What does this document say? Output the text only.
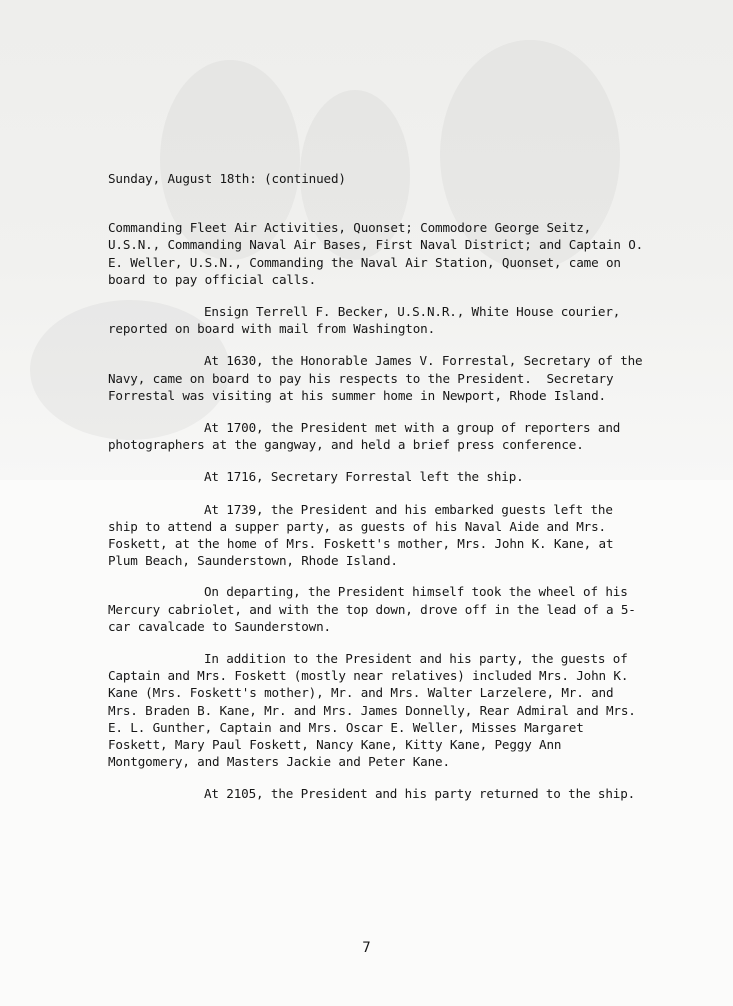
Sunday, August 18th: (continued)

Commanding Fleet Air Activities, Quonset; Commodore George Seitz, U.S.N., Commanding Naval Air Bases, First Naval District; and Captain O. E. Weller, U.S.N., Commanding the Naval Air Station, Quonset, came on board to pay official calls.

Ensign Terrell F. Becker, U.S.N.R., White House courier, reported on board with mail from Washington.

At 1630, the Honorable James V. Forrestal, Secretary of the Navy, came on board to pay his respects to the President.  Secretary Forrestal was visiting at his summer home in Newport, Rhode Island.

At 1700, the President met with a group of reporters and photographers at the gangway, and held a brief press conference.

At 1716, Secretary Forrestal left the ship.

At 1739, the President and his embarked guests left the ship to attend a supper party, as guests of his Naval Aide and Mrs. Foskett, at the home of Mrs. Foskett's mother, Mrs. John K. Kane, at Plum Beach, Saunderstown, Rhode Island.

On departing, the President himself took the wheel of his Mercury cabriolet, and with the top down, drove off in the lead of a 5-car cavalcade to Saunderstown.

In addition to the President and his party, the guests of Captain and Mrs. Foskett (mostly near relatives) included Mrs. John K. Kane (Mrs. Foskett's mother), Mr. and Mrs. Walter Larzelere, Mr. and Mrs. Braden B. Kane, Mr. and Mrs. James Donnelly, Rear Admiral and Mrs. E. L. Gunther, Captain and Mrs. Oscar E. Weller, Misses Margaret Foskett, Mary Paul Foskett, Nancy Kane, Kitty Kane, Peggy Ann Montgomery, and Masters Jackie and Peter Kane.

At 2105, the President and his party returned to the ship.

7
